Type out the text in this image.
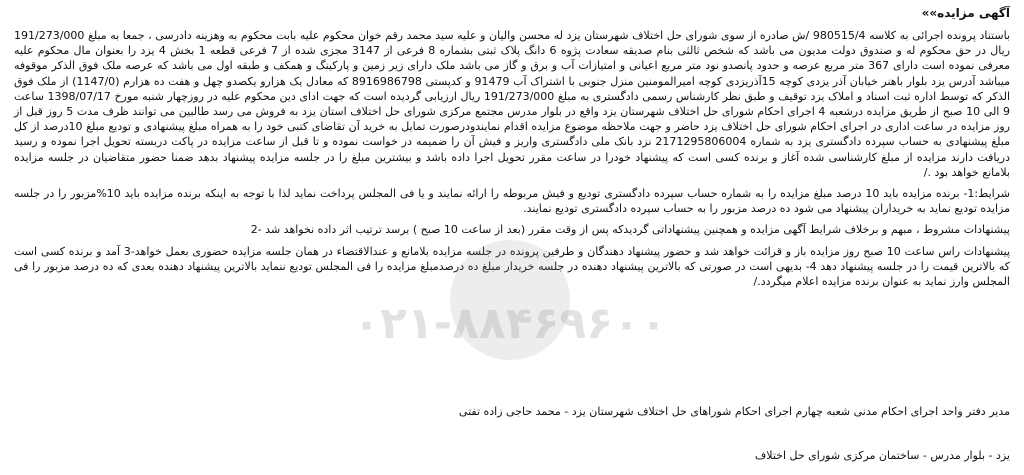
آگهی مزایده»»

باستناد پرونده اجرائی به کلاسه 980515/4 /ش صادره از سوی شورای حل اختلاف شهرستان یزد له محسن والیان و علیه سید محمد رقم خوان محکوم علیه بابت محکوم به وهزینه دادرسی ، جمعا به مبلغ 191/273/000 ریال در حق محکوم له و صندوق دولت مدیون می باشد که شخص ثالثی بنام صدیقه سعادت پژوه 6 دانگ پلاک ثبتی بشماره 8 فرعی از 3147 مجزی شده از 7 فرعی قطعه 1 بخش 4 یزد را بعنوان مال محکوم علیه معرفی نموده است دارای 367 متر مربع عرصه و حدود پانصدو نود متر مربع اعیانی و امتیازات آب و برق و گاز می باشد ملک دارای زیر زمین و پارکینگ و همکف و طبقه اول می باشد که عرصه ملک فوق الذکر موقوفه میباشد آدرس یزد بلوار باهنر خیابان آذر یزدی کوچه 15آذریزدی کوچه امیرالمومنین منزل جنوبی با اشتراک آب 91479 و کدپستی 8916986798 که معادل یک هزارو یکصدو چهل و هفت ده هزارم (1147/0) از ملک فوق الذکر که توسط اداره ثبت اسناد و املاک یزد توقیف و طبق نظر کارشناس رسمی دادگستری به مبلغ 191/273/000 ریال ارزیابی گردیده است که جهت ادای دین محکوم علیه در روزچهار شنبه مورخ 1398/07/17 ساعت 9 الی 10 صبح از طریق مزایده درشعبه 4 اجرای احکام شورای حل اختلاف شهرستان یزد واقع در بلوار مدرس مجتمع مرکزی شورای حل اختلاف استان یزد به فروش می رسد طالبین می توانند ظرف مدت 5 روز قبل از روز مزایده در ساعت اداری در اجرای احکام شورای حل اختلاف یزد حاضر و جهت ملاحظه موضوع مزایده اقدام نمایندودرصورت تمایل به خرید آن تقاضای کتبی خود را به همراه مبلغ پیشنهادی و تودیع مبلغ 10درصد از کل مبلغ پیشنهادی به حساب سپرده دادگستری یزد به شماره 2171295806004 نزد بانک ملی دادگستری واریز و فیش آن را ضمیمه در خواست نموده و تا قبل از ساعت مزایده در پاکت دربسته تحویل اجرا نموده و رسید دریافت دارند مزایده از مبلغ کارشناسی شده آغاز و برنده کسی است که پیشنهاد خودرا در ساعت مقرر تحویل اجرا داده باشد و بیشترین مبلغ را در جلسه مزایده پیشنهاد بدهد ضمنا حضور متقاضیان در جلسه مزایده بلامانع خواهد بود ./

شرایط:1- برنده مزایده باید 10 درصد مبلغ مزایده را به شماره حساب سپرده دادگستری تودیع و فیش مربوطه را ارائه نمایند و یا فی المجلس پرداخت نماید لذا با توجه به اینکه برنده مزایده باید 10%مزبور را در جلسه مزایده تودیع نماید به خریداران پیشنهاد می شود ده درصد مزبور را به حساب سپرده دادگستری تودیع نمایند.

پیشنهادات مشروط ، مبهم و برخلاف شرایط آگهی مزایده و همچنین پیشنهاداتی گردیدکه پس از وقت مقرر (بعد از ساعت 10 صبح ) برسد ترتیب اثر داده نخواهد شد -2

پیشنهادات راس ساعت 10 صبح روز مزایده باز و قرائت خواهد شد و حضور پیشنهاد دهندگان و طرفین پرونده در جلسه مزایده بلامانع و عندالاقتضاء در همان جلسه مزایده حضوری بعمل خواهد-3 آمد و برنده کسی است که بالاترین قیمت را در جلسه پیشنهاد دهد 4- بدیهی است در صورتی که بالاترین پیشنهاد دهنده در جلسه خریدار مبلغ ده درصدمبلغ مزایده را فی المجلس تودیع ننماید بالاترین پیشنهاد دهنده بعدی که ده درصد مزبور را فی المجلس وارز نماید به عنوان برنده مزایده اعلام میگردد./

مدیر دفتر واحد اجرای احکام مدنی شعبه چهارم اجرای احکام شوراهای حل اختلاف شهرستان یزد - محمد حاجی زاده تفتی
یزد - بلوار مدرس - ساختمان مرکزی شورای حل اختلاف
۰۲۱-۸۸۴۶۹۶۰۰
